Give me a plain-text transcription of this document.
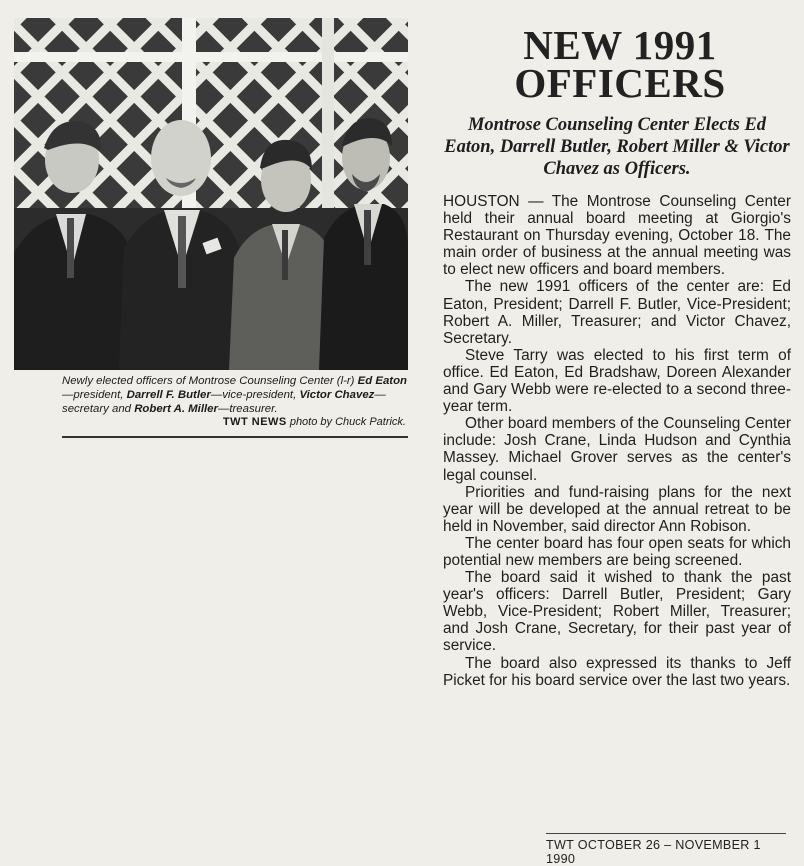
Newly elected officers of Montrose Counseling Center (l-r) Ed Eaton—president, Darrell F. Butler—vice-president, Victor Chavez—secretary and Robert A. Miller—treasurer.
TWT NEWS photo by Chuck Patrick.
NEW 1991
OFFICERS
Montrose Counseling Center Elects Ed Eaton, Darrell Butler, Robert Miller & Victor Chavez as Officers.

HOUSTON — The Montrose Counseling Center held their annual board meeting at Giorgio's Restaurant on Thursday evening, October 18. The main order of business at the annual meeting was to elect new officers and board members.

The new 1991 officers of the center are: Ed Eaton, President; Darrell F. Butler, Vice-President; Robert A. Miller, Treasurer; and Victor Chavez, Secretary.

Steve Tarry was elected to his first term of office. Ed Eaton, Ed Bradshaw, Doreen Alexander and Gary Webb were re-elected to a second three-year term.

Other board members of the Counseling Center include: Josh Crane, Linda Hudson and Cynthia Massey. Michael Grover serves as the center's legal counsel.

Priorities and fund-raising plans for the next year will be developed at the annual retreat to be held in November, said director Ann Robison.

The center board has four open seats for which potential new members are being screened.

The board said it wished to thank the past year's officers: Darrell Butler, President; Gary Webb, Vice-President; Robert Miller, Treasurer; and Josh Crane, Secretary, for their past year of service.

The board also expressed its thanks to Jeff Picket for his board service over the last two years.

TWT OCTOBER 26 – NOVEMBER 1 1990
